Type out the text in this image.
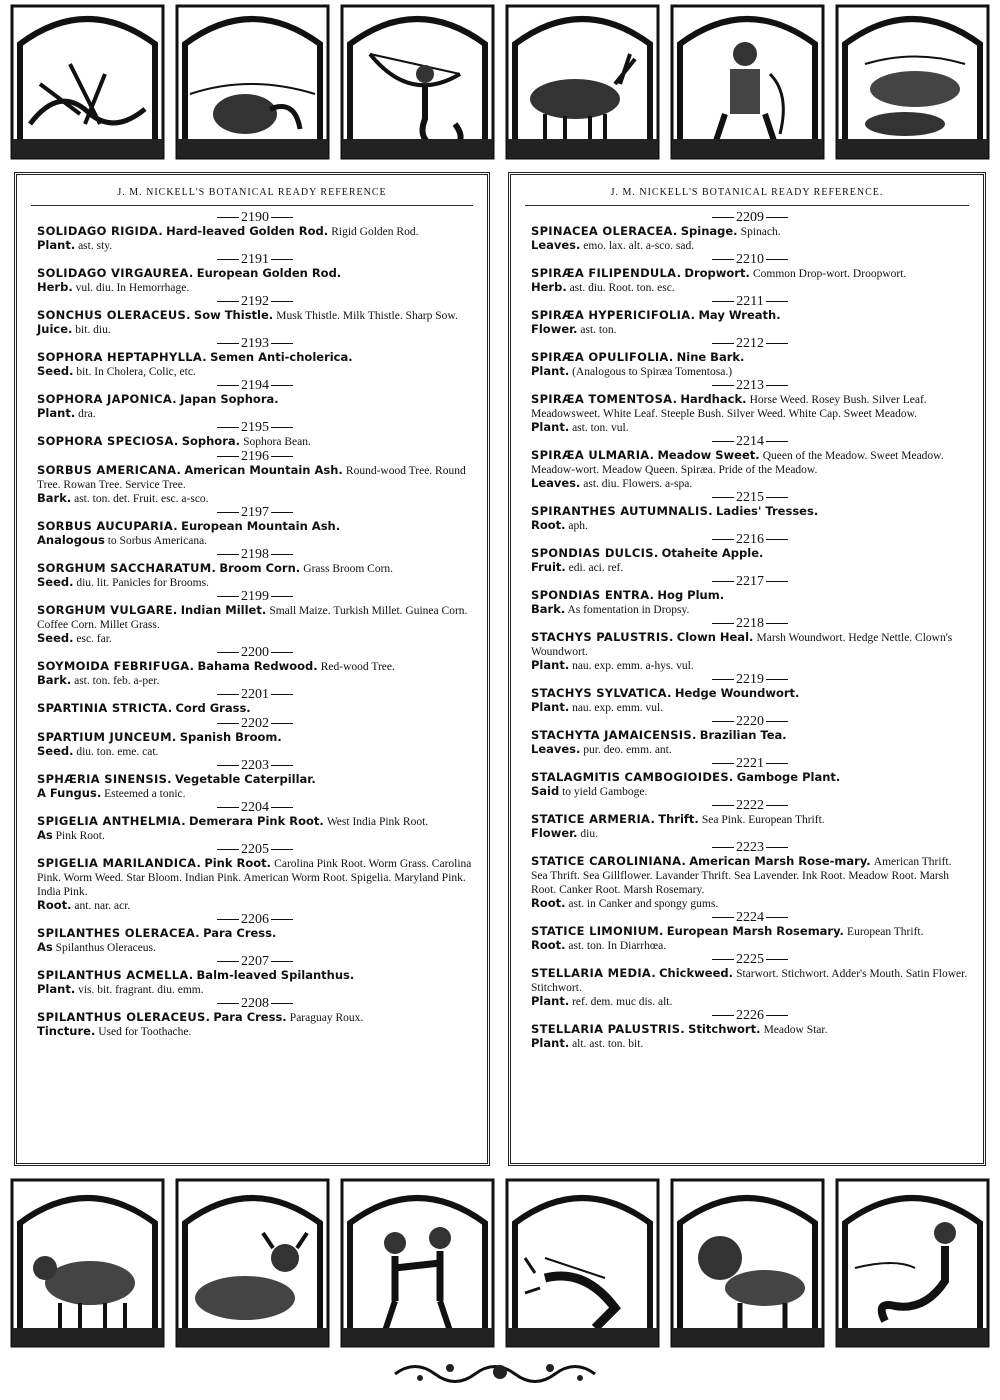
J. M. NICKELL'S BOTANICAL READY REFERENCE
2190
SOLIDAGO RIGIDA. Hard-leaved Golden Rod. Rigid Golden Rod.
Plant. ast. sty.
2191
SOLIDAGO VIRGAUREA. European Golden Rod.
Herb. vul. diu. In Hemorrhage.
2192
SONCHUS OLERACEUS. Sow Thistle. Musk Thistle. Milk Thistle. Sharp Sow.
Juice. bit. diu.
2193
SOPHORA HEPTAPHYLLA. Semen Anti-cholerica.
Seed. bit. In Cholera, Colic, etc.
2194
SOPHORA JAPONICA. Japan Sophora.
Plant. dra.
2195
SOPHORA SPECIOSA. Sophora. Sophora Bean.
2196
SORBUS AMERICANA. American Mountain Ash. Round-wood Tree. Round Tree. Rowan Tree. Service Tree.
Bark. ast. ton. det. Fruit. esc. a-sco.
2197
SORBUS AUCUPARIA. European Mountain Ash.
Analogous to Sorbus Americana.
2198
SORGHUM SACCHARATUM. Broom Corn. Grass Broom Corn.
Seed. diu. lit. Panicles for Brooms.
2199
SORGHUM VULGARE. Indian Millet. Small Maize. Turkish Millet. Guinea Corn. Coffee Corn. Millet Grass.
Seed. esc. far.
2200
SOYMOIDA FEBRIFUGA. Bahama Redwood. Red-wood Tree.
Bark. ast. ton. feb. a-per.
2201
SPARTINIA STRICTA. Cord Grass.
2202
SPARTIUM JUNCEUM. Spanish Broom.
Seed. diu. ton. eme. cat.
2203
SPHÆRIA SINENSIS. Vegetable Caterpillar.
A Fungus. Esteemed a tonic.
2204
SPIGELIA ANTHELMIA. Demerara Pink Root. West India Pink Root.
As Pink Root.
2205
SPIGELIA MARILANDICA. Pink Root. Carolina Pink Root. Worm Grass. Carolina Pink. Worm Weed. Star Bloom. Indian Pink. American Worm Root. Spigelia. Maryland Pink. India Pink.
Root. ant. nar. acr.
2206
SPILANTHES OLERACEA. Para Cress.
As Spilanthus Oleraceus.
2207
SPILANTHUS ACMELLA. Balm-leaved Spilanthus.
Plant. vis. bit. fragrant. diu. emm.
2208
SPILANTHUS OLERACEUS. Para Cress. Paraguay Roux.
Tincture. Used for Toothache.
J. M. NICKELL'S BOTANICAL READY REFERENCE.
2209
SPINACEA OLERACEA. Spinage. Spinach.
Leaves. emo. lax. alt. a-sco. sad.
2210
SPIRÆA FILIPENDULA. Dropwort. Common Drop-wort. Droopwort.
Herb. ast. diu. Root. ton. esc.
2211
SPIRÆA HYPERICIFOLIA. May Wreath.
Flower. ast. ton.
2212
SPIRÆA OPULIFOLIA. Nine Bark.
Plant. (Analogous to Spiræa Tomentosa.)
2213
SPIRÆA TOMENTOSA. Hardhack. Horse Weed. Rosey Bush. Silver Leaf. Meadowsweet. White Leaf. Steeple Bush. Silver Weed. White Cap. Sweet Meadow.
Plant. ast. ton. vul.
2214
SPIRÆA ULMARIA. Meadow Sweet. Queen of the Meadow. Sweet Meadow. Meadow-wort. Meadow Queen. Spiræa. Pride of the Meadow.
Leaves. ast. diu. Flowers. a-spa.
2215
SPIRANTHES AUTUMNALIS. Ladies' Tresses.
Root. aph.
2216
SPONDIAS DULCIS. Otaheite Apple.
Fruit. edi. aci. ref.
2217
SPONDIAS ENTRA. Hog Plum.
Bark. As fomentation in Dropsy.
2218
STACHYS PALUSTRIS. Clown Heal. Marsh Woundwort. Hedge Nettle. Clown's Woundwort.
Plant. nau. exp. emm. a-hys. vul.
2219
STACHYS SYLVATICA. Hedge Woundwort.
Plant. nau. exp. emm. vul.
2220
STACHYTA JAMAICENSIS. Brazilian Tea.
Leaves. pur. deo. emm. ant.
2221
STALAGMITIS CAMBOGIOIDES. Gamboge Plant.
Said to yield Gamboge.
2222
STATICE ARMERIA. Thrift. Sea Pink. European Thrift.
Flower. diu.
2223
STATICE CAROLINIANA. American Marsh Rose-mary. American Thrift. Sea Thrift. Sea Gillflower. Lavander Thrift. Sea Lavender. Ink Root. Meadow Root. Marsh Root. Canker Root. Marsh Rosemary.
Root. ast. in Canker and spongy gums.
2224
STATICE LIMONIUM. European Marsh Rosemary. European Thrift.
Root. ast. ton. In Diarrhœa.
2225
STELLARIA MEDIA. Chickweed. Starwort. Stichwort. Adder's Mouth. Satin Flower. Stitchwort.
Plant. ref. dem. muc dis. alt.
2226
STELLARIA PALUSTRIS. Stitchwort. Meadow Star.
Plant. alt. ast. ton. bit.
